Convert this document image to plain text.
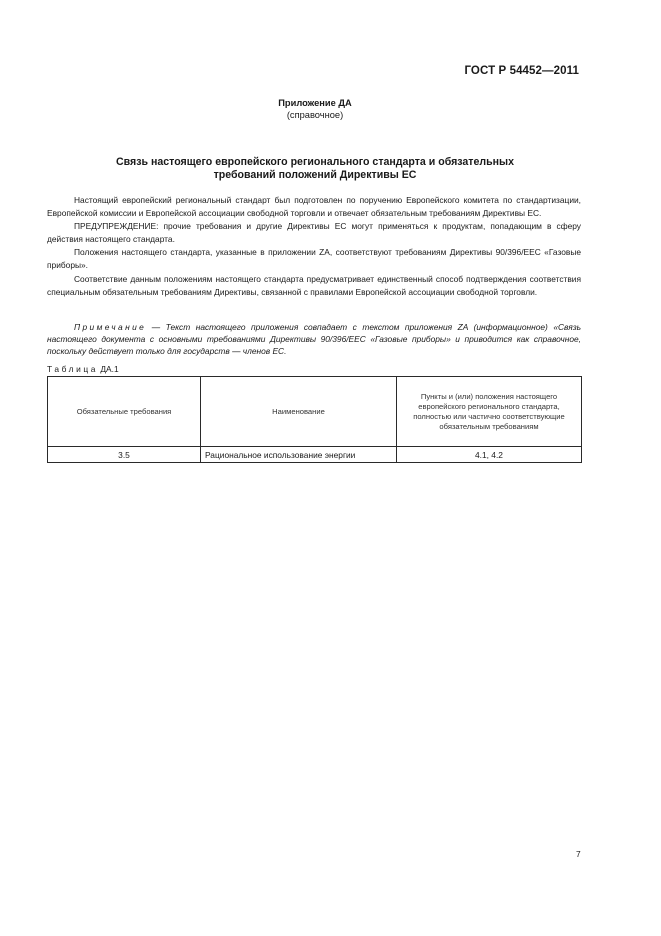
ГОСТ Р 54452—2011
Приложение ДА
(справочное)
Связь настоящего европейского регионального стандарта и обязательных
требований положений Директивы ЕС

Настоящий европейский региональный стандарт был подготовлен по поручению Европейского комитета по стандартизации, Европейской комиссии и Европейской ассоциации свободной торговли и отвечает обязательным требованиям Директивы ЕС.

ПРЕДУПРЕЖДЕНИЕ: прочие требования и другие Директивы ЕС могут применяться к продуктам, попадающим в сферу действия настоящего стандарта.

Положения настоящего стандарта, указанные в приложении ZA, соответствуют требованиям Директивы 90/396/ЕЕС «Газовые приборы».

Соответствие данным положениям настоящего стандарта предусматривает единственный способ подтверждения соответствия специальным обязательным требованиям Директивы, связанной с правилами Европейской ассоциации свободной торговли.

Примечание — Текст настоящего приложения совпадает с текстом приложения ZA (информационное) «Связь настоящего документа с основными требованиями Директивы 90/396/ЕЕС «Газовые приборы» и приводится как справочное, поскольку действует только для государств — членов ЕС.
Таблица ДА.1
Обязательные требования	Наименование	Пункты и (или) положения настоящего европейского регионального стандарта, полностью или частично соответствующие обязательным требованиям
3.5	Рациональное использование энергии	4.1, 4.2
7
